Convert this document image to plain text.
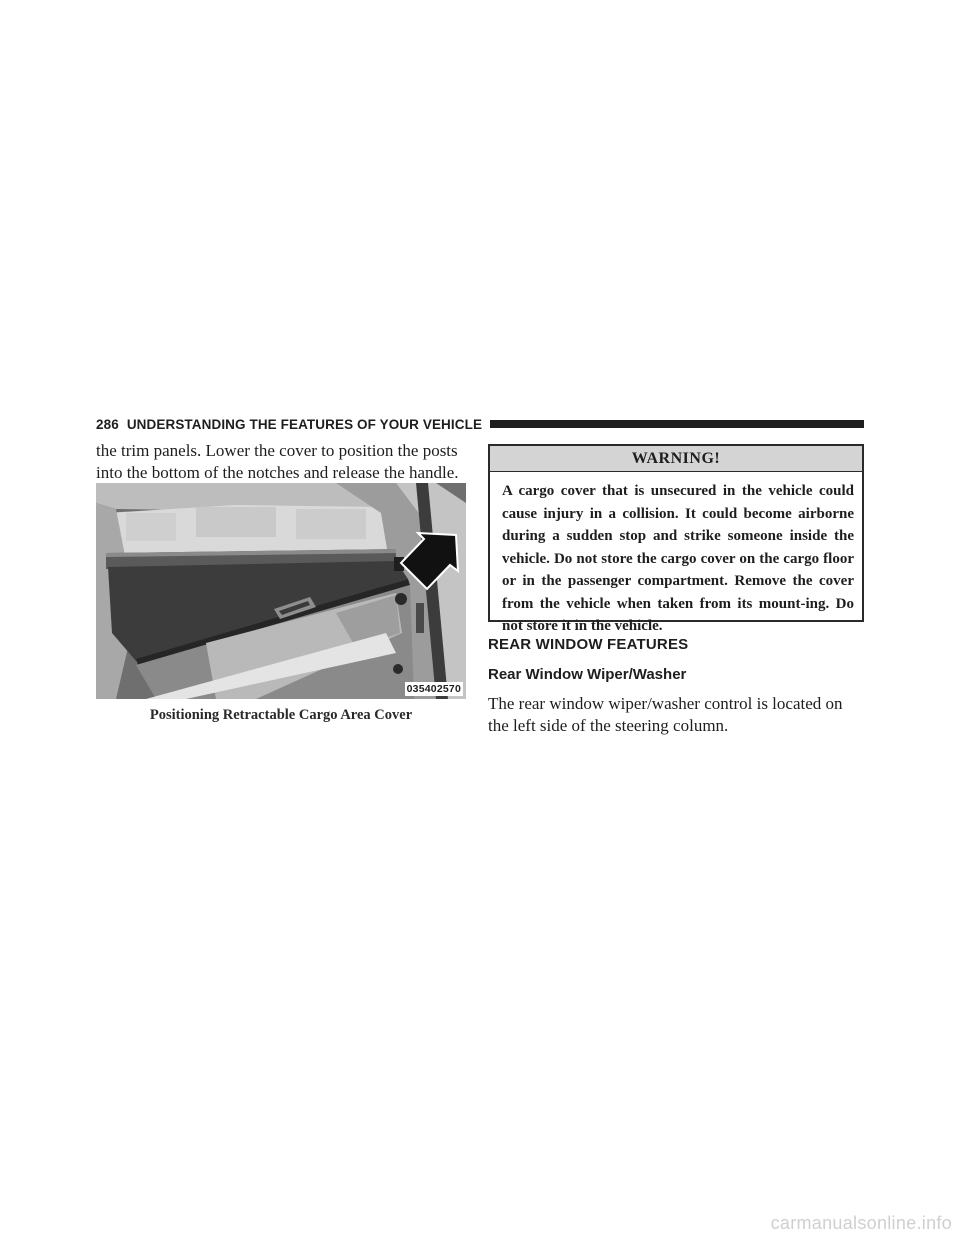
286 UNDERSTANDING THE FEATURES OF YOUR VEHICLE

the trim panels. Lower the cover to position the posts into the bottom of the notches and release the handle.

035402570
Positioning Retractable Cargo Area Cover
WARNING!

A cargo cover that is unsecured in the vehicle could cause injury in a collision. It could become airborne during a sudden stop and strike someone inside the vehicle. Do not store the cargo cover on the cargo floor or in the passenger compartment. Remove the cover from the vehicle when taken from its mount-ing. Do not store it in the vehicle.

REAR WINDOW FEATURES
Rear Window Wiper/Washer

The rear window wiper/washer control is located on the left side of the steering column.

carmanualsonline.info
